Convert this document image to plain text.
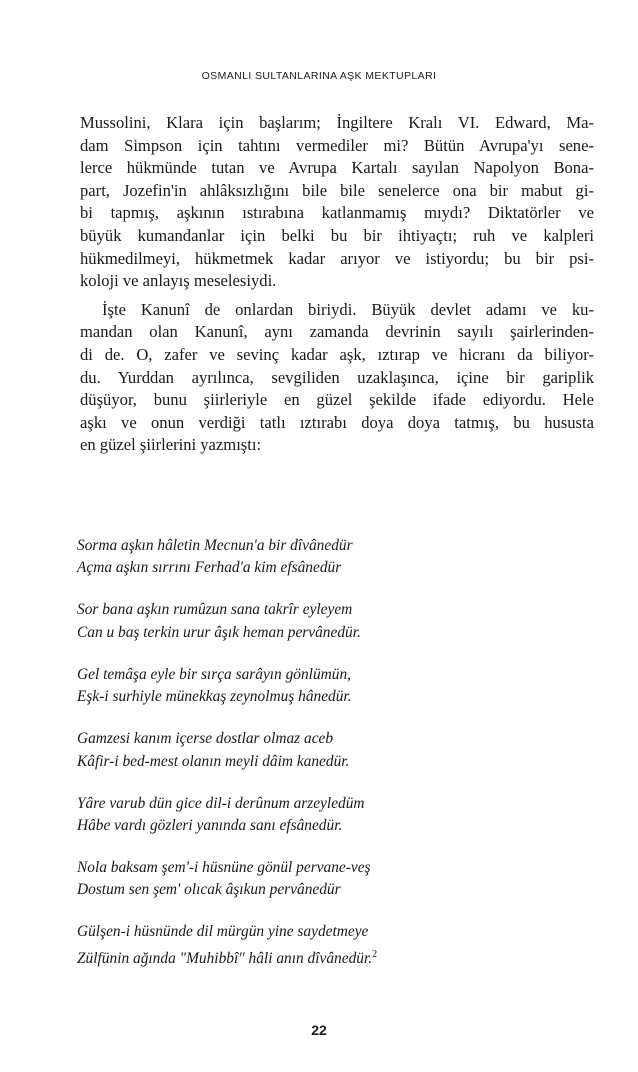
OSMANLI SULTANLARINA AŞK MEKTUPLARI
Mussolini, Klara için başlarım; İngiltere Kralı VI. Edward, Ma-
dam Simpson için tahtını vermediler mi? Bütün Avrupa'yı sene-
lerce hükmünde tutan ve Avrupa Kartalı sayılan Napolyon Bona-
part, Jozefin'in ahlâksızlığını bile bile senelerce ona bir mabut gi-
bi tapmış, aşkının ıstırabına katlanmamış mıydı? Diktatörler ve
büyük kumandanlar için belki bu bir ihtiyaçtı; ruh ve kalpleri
hükmedilmeyi, hükmetmek kadar arıyor ve istiyordu; bu bir psi-
koloji ve anlayış meselesiydi.
İşte Kanunî de onlardan biriydi. Büyük devlet adamı ve ku-
mandan olan Kanunî, aynı zamanda devrinin sayılı şairlerinden-
di de. O, zafer ve sevinç kadar aşk, ıztırap ve hicranı da biliyor-
du. Yurddan ayrılınca, sevgiliden uzaklaşınca, içine bir gariplik
düşüyor, bunu şiirleriyle en güzel şekilde ifade ediyordu. Hele
aşkı ve onun verdiği tatlı ıztırabı doya doya tatmış, bu hususta
en güzel şiirlerini yazmıştı:
Sorma aşkın hâletin Mecnun'a bir dîvânedür
Açma aşkın sırrını Ferhad'a kim efsânedür
Sor bana aşkın rumûzun sana takrîr eyleyem
Can u baş terkin urur âşık heman pervânedür.
Gel temâşa eyle bir sırça sarâyın gönlümün,
Eşk-i surhiyle münekkaş zeynolmuş hânedür.
Gamzesi kanım içerse dostlar olmaz aceb
Kâfir-i bed-mest olanın meyli dâim kanedür.
Yâre varub dün gice dil-i derûnum arzeyledüm
Hâbe vardı gözleri yanında sanı efsânedür.
Nola baksam şem'-i hüsnüne gönül pervane-veş
Dostum sen şem' olıcak âşıkun pervânedür
Gülşen-i hüsnünde dil mürgün yine saydetmeye
Zülfünin ağında "Muhibbî" hâli anın dîvânedür.$^2$
22
